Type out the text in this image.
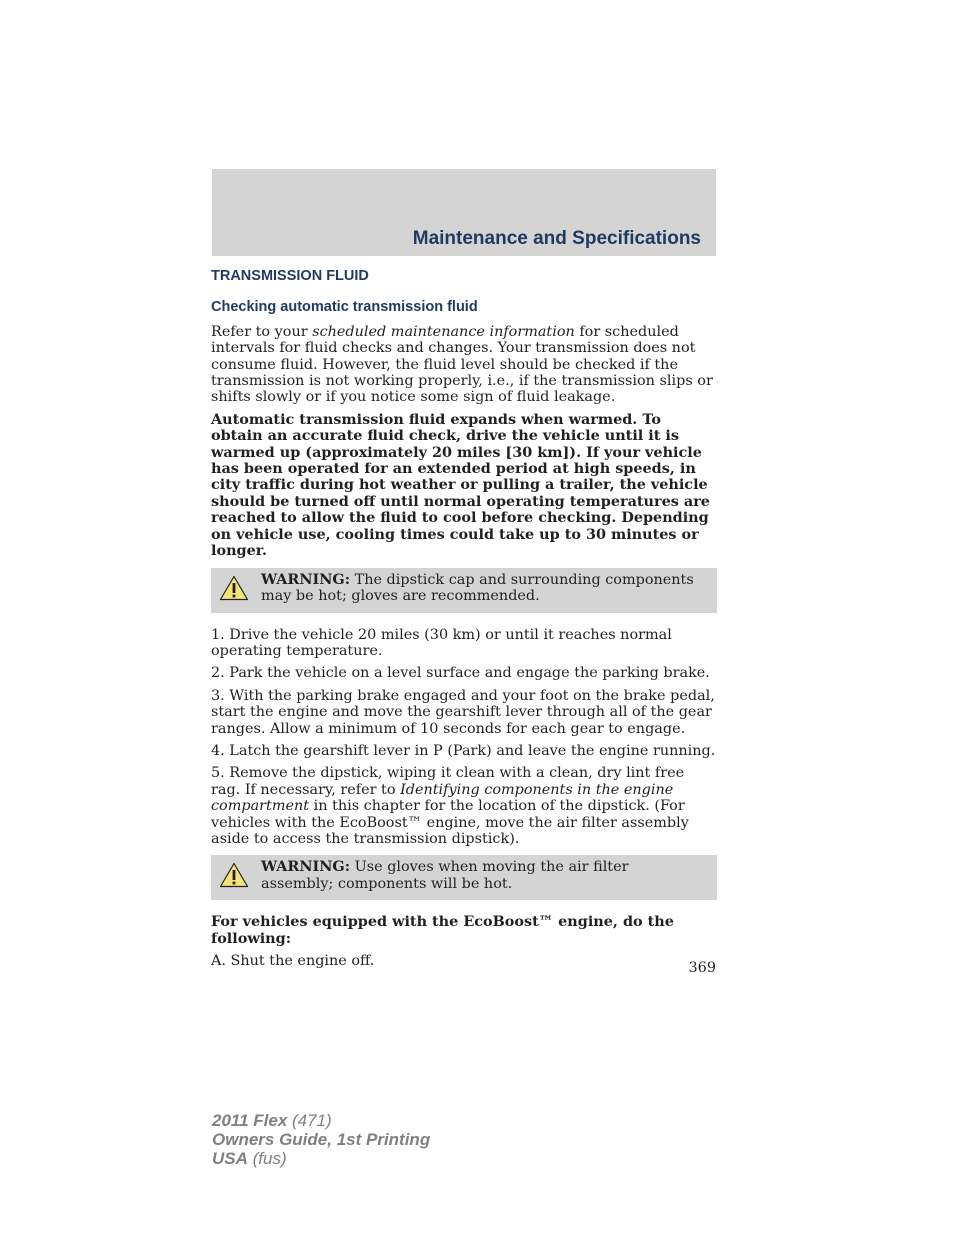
Maintenance and Specifications
TRANSMISSION FLUID
Checking automatic transmission fluid

Refer to your scheduled maintenance information for scheduled intervals for fluid checks and changes. Your transmission does not consume fluid. However, the fluid level should be checked if the transmission is not working properly, i.e., if the transmission slips or shifts slowly or if you notice some sign of fluid leakage.

Automatic transmission fluid expands when warmed. To obtain an accurate fluid check, drive the vehicle until it is warmed up (approximately 20 miles [30 km]). If your vehicle has been operated for an extended period at high speeds, in city traffic during hot weather or pulling a trailer, the vehicle should be turned off until normal operating temperatures are reached to allow the fluid to cool before checking. Depending on vehicle use, cooling times could take up to 30 minutes or longer.

WARNING: The dipstick cap and surrounding components may be hot; gloves are recommended.

1. Drive the vehicle 20 miles (30 km) or until it reaches normal operating temperature.

2. Park the vehicle on a level surface and engage the parking brake.

3. With the parking brake engaged and your foot on the brake pedal, start the engine and move the gearshift lever through all of the gear ranges. Allow a minimum of 10 seconds for each gear to engage.

4. Latch the gearshift lever in P (Park) and leave the engine running.

5. Remove the dipstick, wiping it clean with a clean, dry lint free rag. If necessary, refer to Identifying components in the engine compartment in this chapter for the location of the dipstick. (For vehicles with the EcoBoost™ engine, move the air filter assembly aside to access the transmission dipstick).

WARNING: Use gloves when moving the air filter assembly; components will be hot.

For vehicles equipped with the EcoBoost™ engine, do the following:

A. Shut the engine off.	369
2011 Flex (471)
Owners Guide, 1st Printing
USA (fus)
